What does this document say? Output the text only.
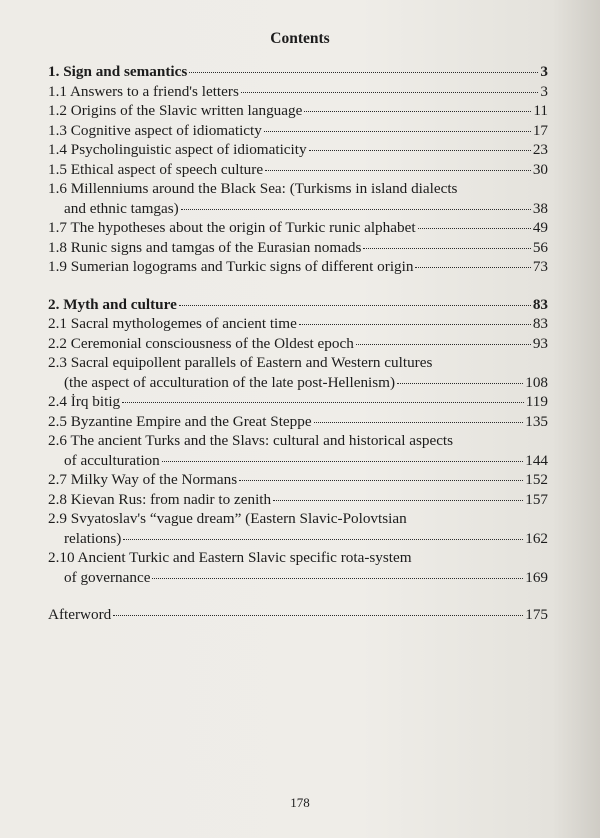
Contents
1. Sign and semantics	3
1.1 Answers to a friend's letters	3
1.2 Origins of the Slavic written language	11
1.3 Cognitive aspect of idiomaticty	17
1.4 Psycholinguistic aspect of idiomaticity	23
1.5 Ethical aspect of speech culture	30
1.6 Millenniums around the Black Sea: (Turkisms in island dialects
and ethnic tamgas)	38
1.7 The hypotheses about the origin of Turkic runic alphabet	49
1.8 Runic signs and tamgas of the Eurasian nomads	56
1.9 Sumerian logograms and Turkic signs of different origin	73
2. Myth and culture	83
2.1 Sacral mythologemes of ancient time	83
2.2 Ceremonial consciousness of the Oldest epoch	93
2.3 Sacral equipollent parallels of Eastern and Western cultures
(the aspect of acculturation of the late post-Hellenism)	108
2.4 İrq bitig	119
2.5 Byzantine Empire and the Great Steppe	135
2.6 The ancient Turks and the Slavs: cultural and historical aspects
of acculturation	144
2.7 Milky Way of the Normans	152
2.8 Kievan Rus: from nadir to zenith	157
2.9 Svyatoslav's “vague dream” (Eastern Slavic-Polovtsian
relations)	162
2.10 Ancient Turkic and Eastern Slavic specific rota-system
of governance	169
Afterword	175
178
